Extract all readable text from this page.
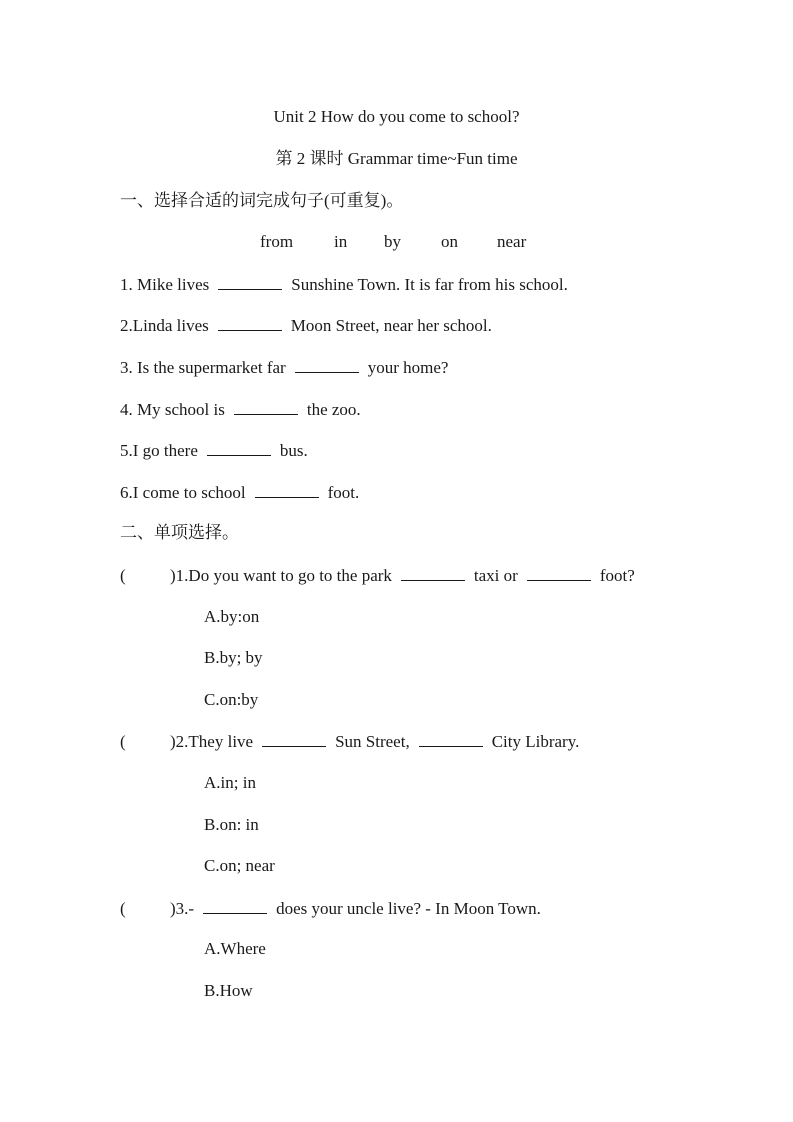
Unit 2 How do you come to school?
第 2 课时 Grammar time~Fun time
一、选择合适的词完成句子(可重复)。
from in by on near
1. Mike lives	Sunshine Town. It is far from his school.
2.Linda lives	Moon Street, near her school.
3. Is the supermarket far	your home?
4. My school is	the zoo.
5.I go there	bus.
6.I come to school	foot.
二、单项选择。
(	)1.Do you want to go to the park	taxi or	foot?
A.by:on
B.by; by
C.on:by
(	)2.They live	Sun Street,	City Library.
A.in; in
B.on: in
C.on; near
(	)3.-	does your uncle live? - In Moon Town.
A.Where
B.How
